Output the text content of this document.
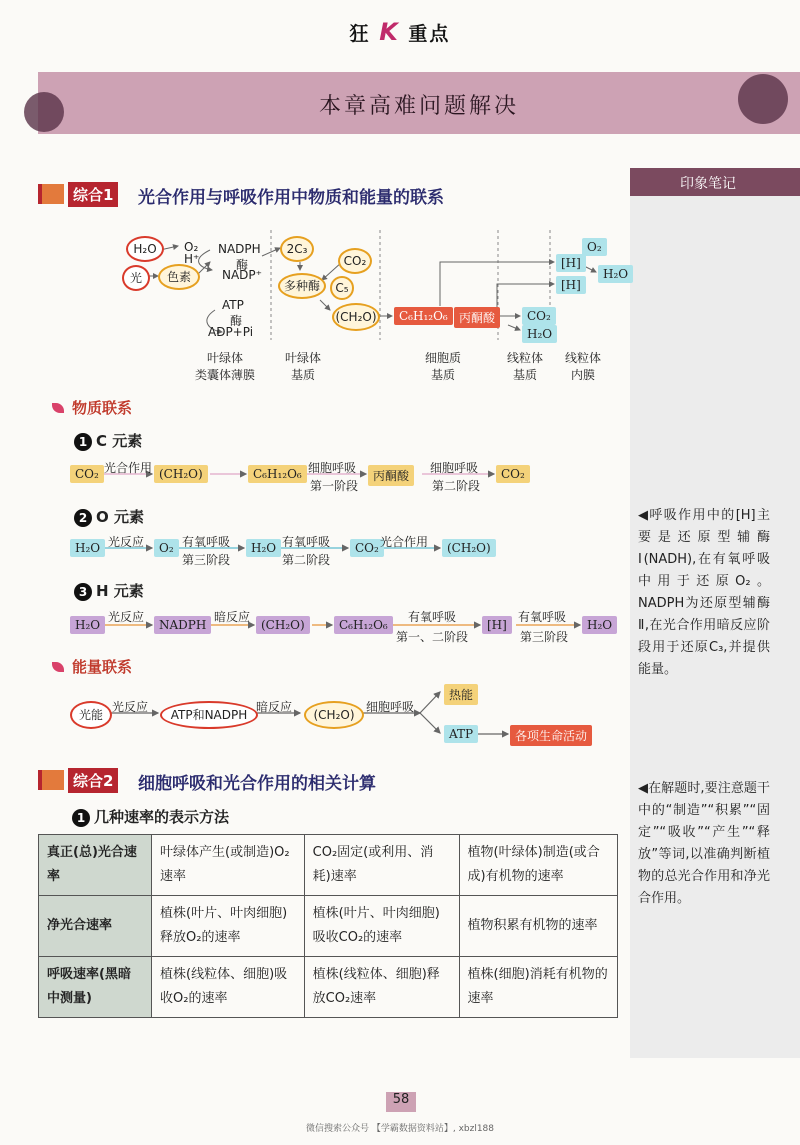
狂 K 重点
本章高难问题解决
印象笔记
◀呼吸作用中的[H]主要是还原型辅酶Ⅰ(NADH),在有氧呼吸中用于还原O₂。NADPH为还原型辅酶Ⅱ,在光合作用暗反应阶段用于还原C₃,并提供能量。
◀在解题时,要注意题干中的“制造”“积累”“固定”“吸收”“产生”“释放”等词,以准确判断植物的总光合作用和净光合作用。
综合1 光合作用与呼吸作用中物质和能量的联系
H₂O	O₂
H⁺
NADPH
酶
NADP⁺
光	色素
ATP
酶
ADP+Pi
2C₃
CO₂
多种酶	C₅
(CH₂O)	C₆H₁₂O₆ 丙酮酸	CO₂
H₂O
[H]
[H]
O₂
H₂O
叶绿体
类囊体薄膜
叶绿体
基质
细胞质
基质
线粒体
基质
线粒体
内膜
物质联系
1 C 元素
CO₂ 光合作用 (CH₂O)	C₆H₁₂O₆ 细胞呼吸
第一阶段
丙酮酸
细胞呼吸
第二阶段
CO₂
2 O 元素
H₂O 光反应	O₂ 有氧呼吸
第三阶段
H₂O 有氧呼吸
第二阶段
CO₂ 光合作用	(CH₂O)
3 H 元素
H₂O
光反应
NADPH
暗反应
(CH₂O)	C₆H₁₂O₆
有氧呼吸
第一、二阶段
[H]
有氧呼吸
第三阶段
H₂O
能量联系
光能
光反应
ATP和NADPH
暗反应
(CH₂O)
细胞呼吸
热能
ATP	各项生命活动
综合2 细胞呼吸和光合作用的相关计算
1 几种速率的表示方法
真正(总)光合速率	叶绿体产生(或制造)O₂速率	CO₂固定(或利用、消耗)速率	植物(叶绿体)制造(或合成)有机物的速率
净光合速率	植株(叶片、叶肉细胞)释放O₂的速率	植株(叶片、叶肉细胞)吸收CO₂的速率	植物积累有机物的速率
呼吸速率(黑暗中测量)	植株(线粒体、细胞)吸收O₂的速率	植株(线粒体、细胞)释放CO₂速率	植株(细胞)消耗有机物的速率
58
微信搜索公众号 【学霸数据资料站】, xbzl188
